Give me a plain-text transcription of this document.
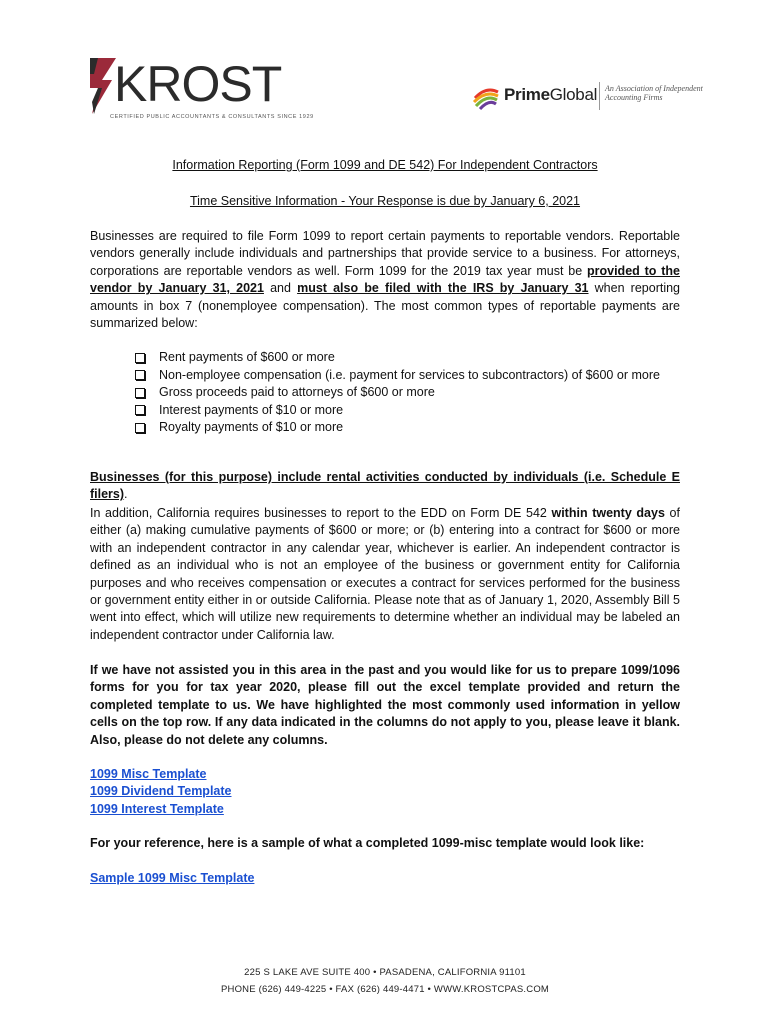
KROST
CERTIFIED PUBLIC ACCOUNTANTS & CONSULTANTS SINCE 1929
PrimeGlobal An Association of Independent Accounting Firms
Information Reporting (Form 1099 and DE 542) For Independent Contractors
Time Sensitive Information - Your Response is due by January 6, 2021
Businesses are required to file Form 1099 to report certain payments to reportable vendors. Reportable vendors generally include individuals and partnerships that provide service to a business. For attorneys, corporations are reportable vendors as well. Form 1099 for the 2019 tax year must be provided to the vendor by January 31, 2021 and must also be filed with the IRS by January 31 when reporting amounts in box 7 (nonemployee compensation). The most common types of reportable payments are summarized below:
Rent payments of $600 or more
Non-employee compensation (i.e. payment for services to subcontractors) of $600 or more
Gross proceeds paid to attorneys of $600 or more
Interest payments of $10 or more
Royalty payments of $10 or more
Businesses (for this purpose) include rental activities conducted by individuals (i.e. Schedule E filers).
In addition, California requires businesses to report to the EDD on Form DE 542 within twenty days of either (a) making cumulative payments of $600 or more; or (b) entering into a contract for $600 or more with an independent contractor in any calendar year, whichever is earlier. An independent contractor is defined as an individual who is not an employee of the business or government entity for California purposes and who receives compensation or executes a contract for services performed for the business or government entity either in or outside California. Please note that as of January 1, 2020, Assembly Bill 5 went into effect, which will utilize new requirements to determine whether an individual may be labeled an independent contractor under California law.
If we have not assisted you in this area in the past and you would like for us to prepare 1099/1096 forms for you for tax year 2020, please fill out the excel template provided and return the completed template to us. We have highlighted the most commonly used information in yellow cells on the top row. If any data indicated in the columns do not apply to you, please leave it blank. Also, please do not delete any columns.
1099 Misc Template
1099 Dividend Template
1099 Interest Template
For your reference, here is a sample of what a completed 1099-misc template would look like:
Sample 1099 Misc Template
225 S LAKE AVE SUITE 400 • PASADENA, CALIFORNIA 91101
PHONE (626) 449-4225 • FAX (626) 449-4471 • WWW.KROSTCPAS.COM
